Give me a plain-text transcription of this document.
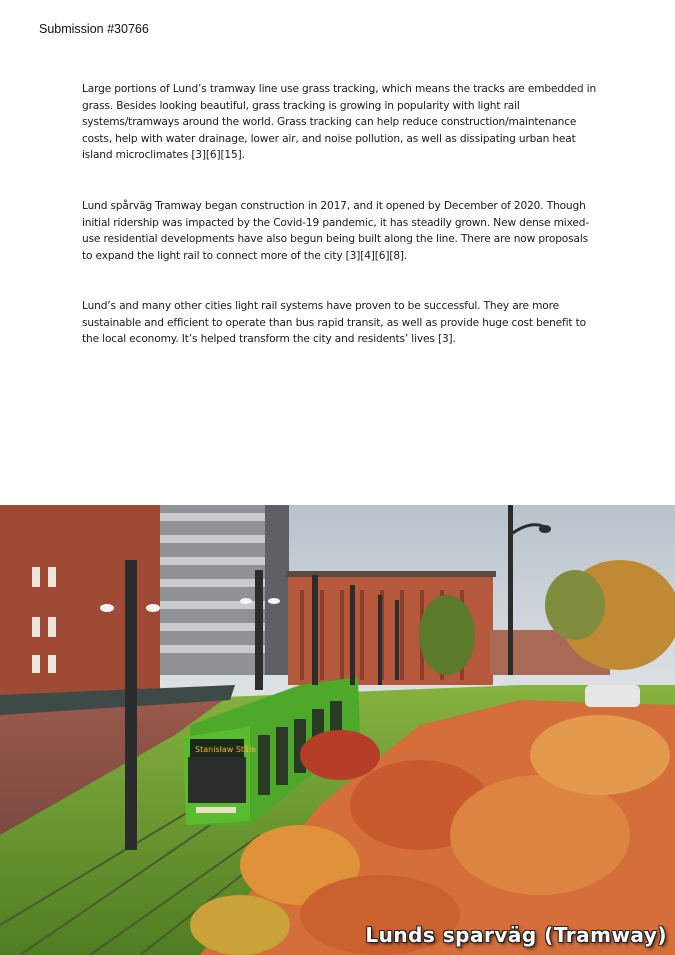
Submission #30766

Large portions of Lund’s tramway line use grass tracking, which means the tracks are embedded in grass. Besides looking beautiful, grass tracking is growing in popularity with light rail systems/tramways around the world. Grass tracking can help reduce construction/maintenance costs, help with water drainage, lower air, and noise pollution, as well as dissipating urban heat island microclimates [3][6][15].

Lund spårväg Tramway began construction in 2017, and it opened by December of 2020. Though initial ridership was impacted by the Covid-19 pandemic, it has steadily grown. New dense mixed-use residential developments have also begun being built along the line. There are now proposals to expand the light rail to connect more of the city [3][4][6][8].

Lund’s and many other cities light rail systems have proven to be successful. They are more sustainable and efficient to operate than bus rapid transit, as well as provide huge cost benefit to the local economy. It’s helped transform the city and residents’ lives [3].

Stanisław Ståle
Lunds sparväg (Tramway)
